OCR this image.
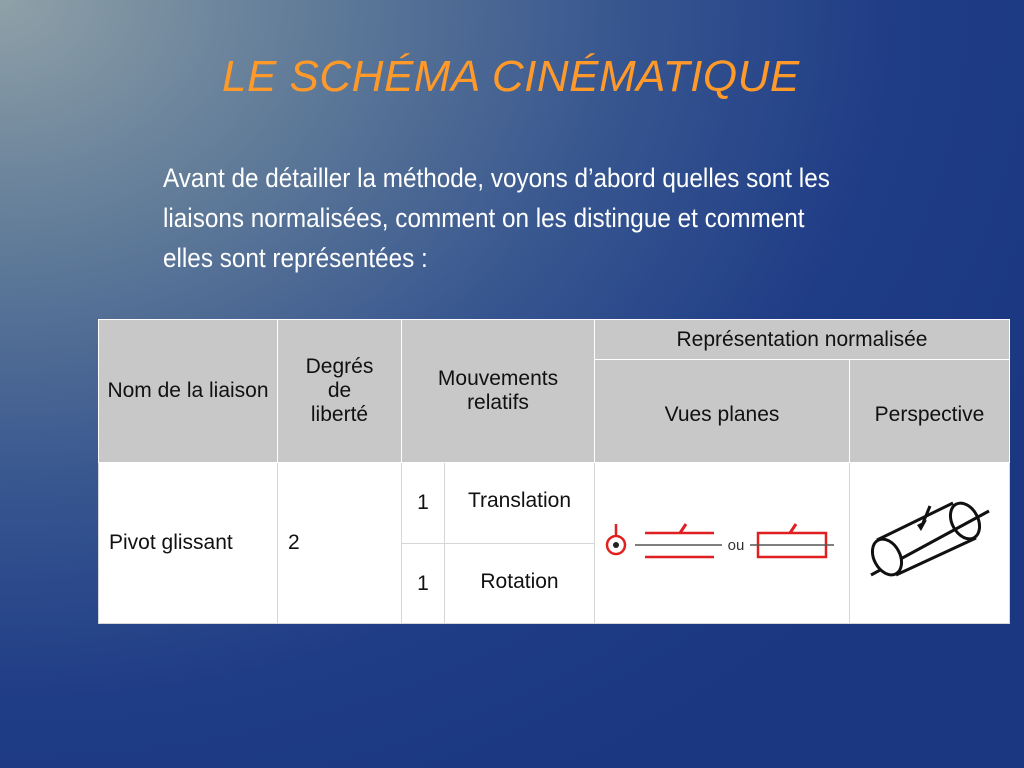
LE SCHÉMA CINÉMATIQUE

Avant de détailler la méthode, voyons d’abord quelles sont les liaisons normalisées, comment on les distingue et comment elles sont représentées :

Nom de la liaison	Degrés de liberté	Mouvements relatifs		Représentation normalisée	
				Vues planes	Perspective
Pivot glissant	2	1	Translation	ou

		1	Rotation		
